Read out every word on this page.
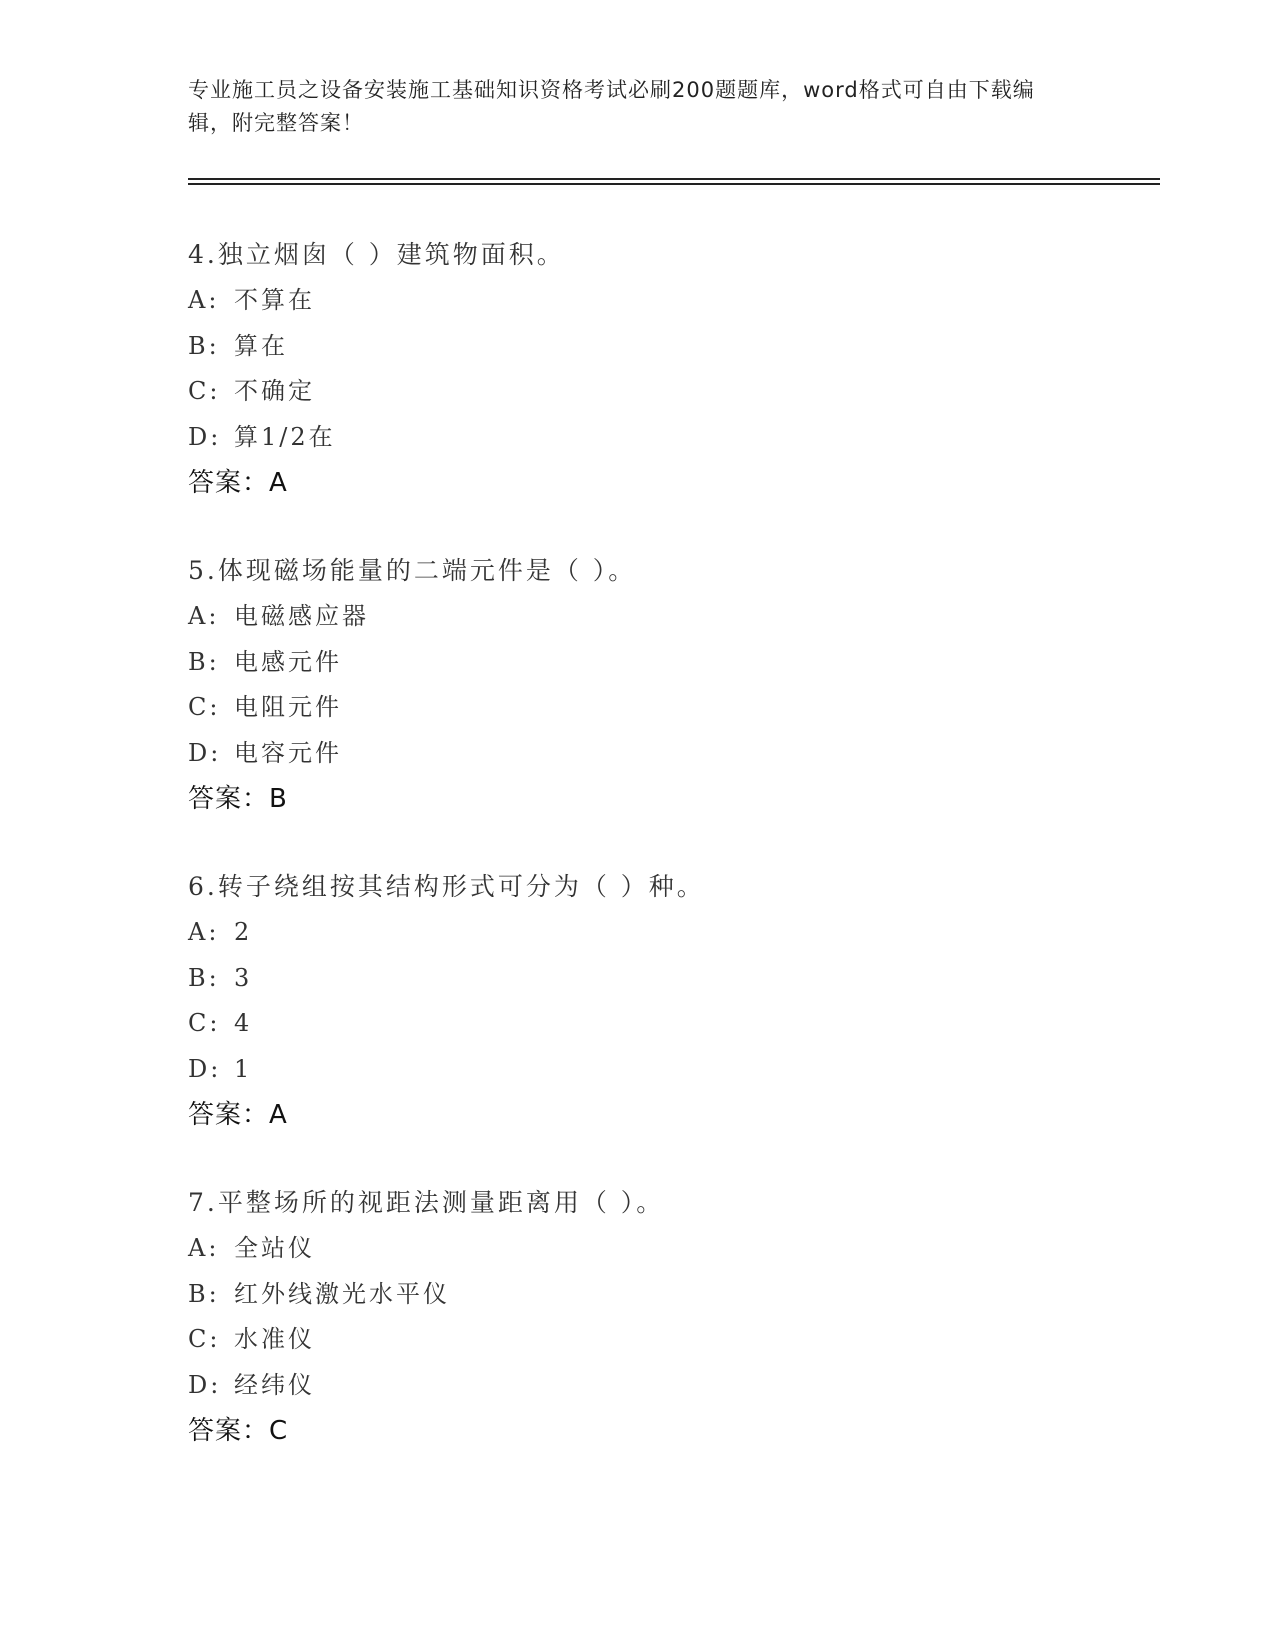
专业施工员之设备安装施工基础知识资格考试必刷200题题库，word格式可自由下载编辑，附完整答案！
4.独立烟囱（ ）建筑物面积。
A: 不算在
B: 算在
C: 不确定
D: 算1/2在
答案：A
5.体现磁场能量的二端元件是（ ）。
A: 电磁感应器
B: 电感元件
C: 电阻元件
D: 电容元件
答案：B
6.转子绕组按其结构形式可分为（ ）种。
A: 2
B: 3
C: 4
D: 1
答案：A
7.平整场所的视距法测量距离用（ ）。
A: 全站仪
B: 红外线激光水平仪
C: 水准仪
D: 经纬仪
答案：C
